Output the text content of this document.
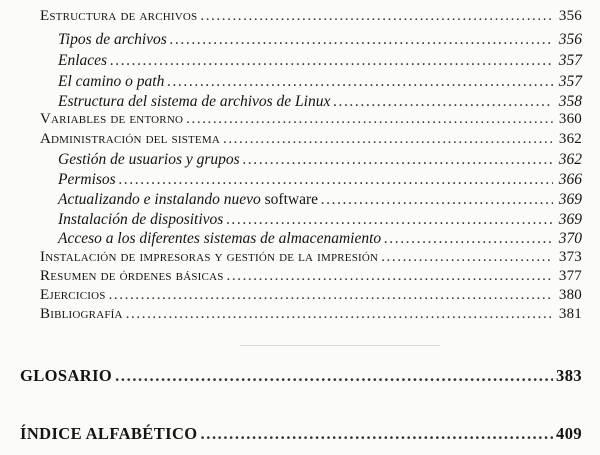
Estructura de archivos .....	356
Tipos de archivos .....	356
Enlaces .....	357
El camino o path .....	357
Estructura del sistema de archivos de Linux .....	358
Variables de entorno .....	360
Administración del sistema .....	362
Gestión de usuarios y grupos .....	362
Permisos .....	366
Actualizando e instalando nuevo software .....	369
Instalación de dispositivos .....	369
Acceso a los diferentes sistemas de almacenamiento .....	370
Instalación de impresoras y gestión de la impresión .....	373
Resumen de órdenes básicas .....	377
Ejercicios .....	380
Bibliografía .....	381
GLOSARIO .....	383
ÍNDICE ALFABÉTICO .....	409
